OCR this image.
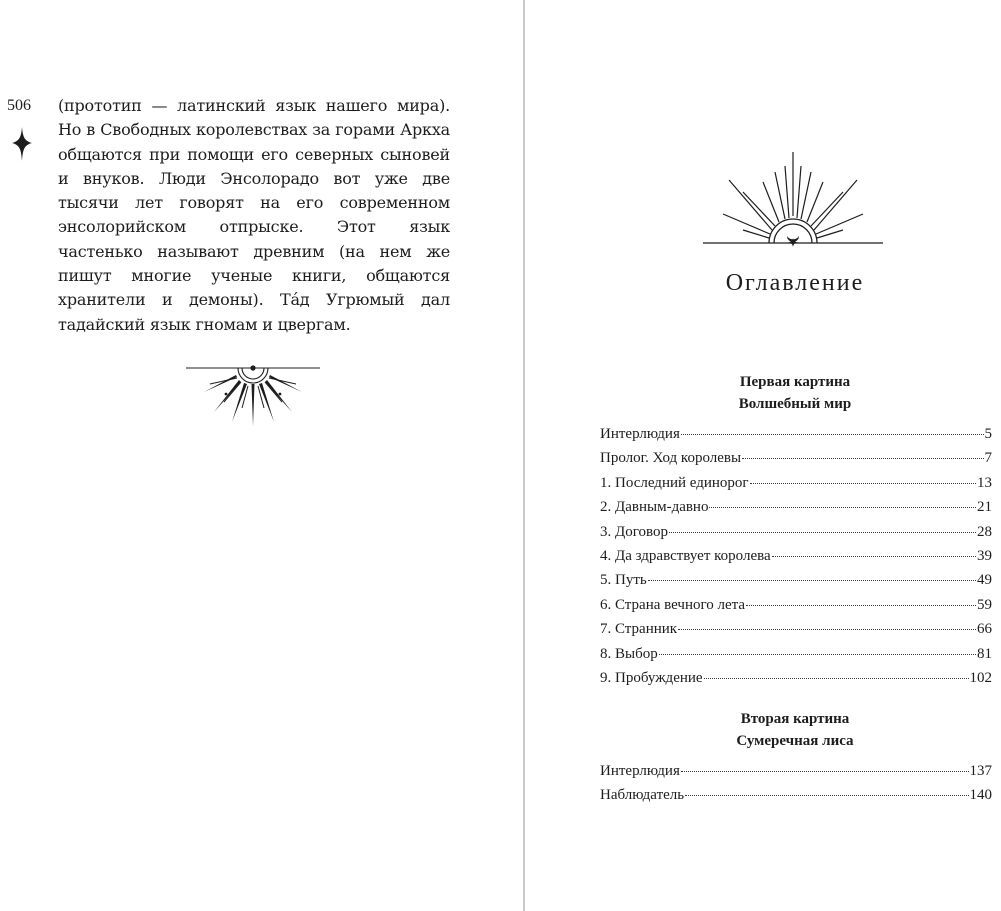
506 (прототип — латинский язык нашего мира). Но в Свободных королевствах за горами Аркха общаются при помощи его северных сыновей и внуков. Люди Энсолорадо вот уже две тысячи лет говорят на его современном энсолорийском отпрыске. Этот язык частенько называют древним (на нем же пишут многие ученые книги, общаются хранители и демоны). Та́д Угрюмый дал тадайский язык гномам и цвергам.

Оглавление
Первая картина
Волшебный мир
Интерлюдия	5
Пролог. Ход королевы	7
1. Последний единорог	13
2. Давным-давно	21
3. Договор	28
4. Да здравствует королева	39
5. Путь	49
6. Страна вечного лета	59
7. Странник	66
8. Выбор	81
9. Пробуждение	102
Вторая картина
Сумеречная лиса
Интерлюдия	137
Наблюдатель	140
